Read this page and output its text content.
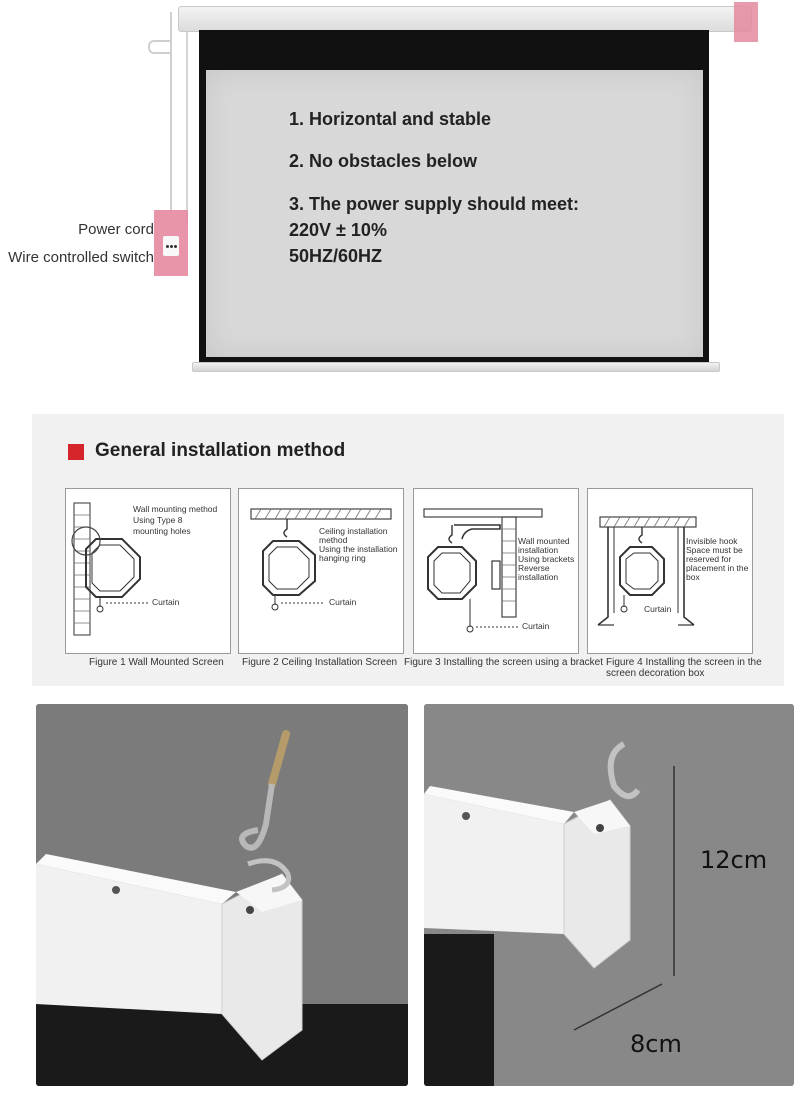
Power cord
Wire controlled switch
1. Horizontal and stable
2. No obstacles below
3. The power supply should meet:
220V ± 10%
50HZ/60HZ
General installation method
Wall mounting method
Using Type 8
mounting holes
Curtain
Ceiling installation
method
Using the installation
hanging ring
Curtain
Wall mounted
installation
Using brackets
Reverse
installation
Curtain
Invisible hook
Space must be
reserved for
placement in the
box
Curtain
Figure 1 Wall Mounted Screen Figure 2 Ceiling Installation Screen Figure 3 Installing the screen using a bracket Figure 4 Installing the screen in the
screen decoration box
12cm
8cm
